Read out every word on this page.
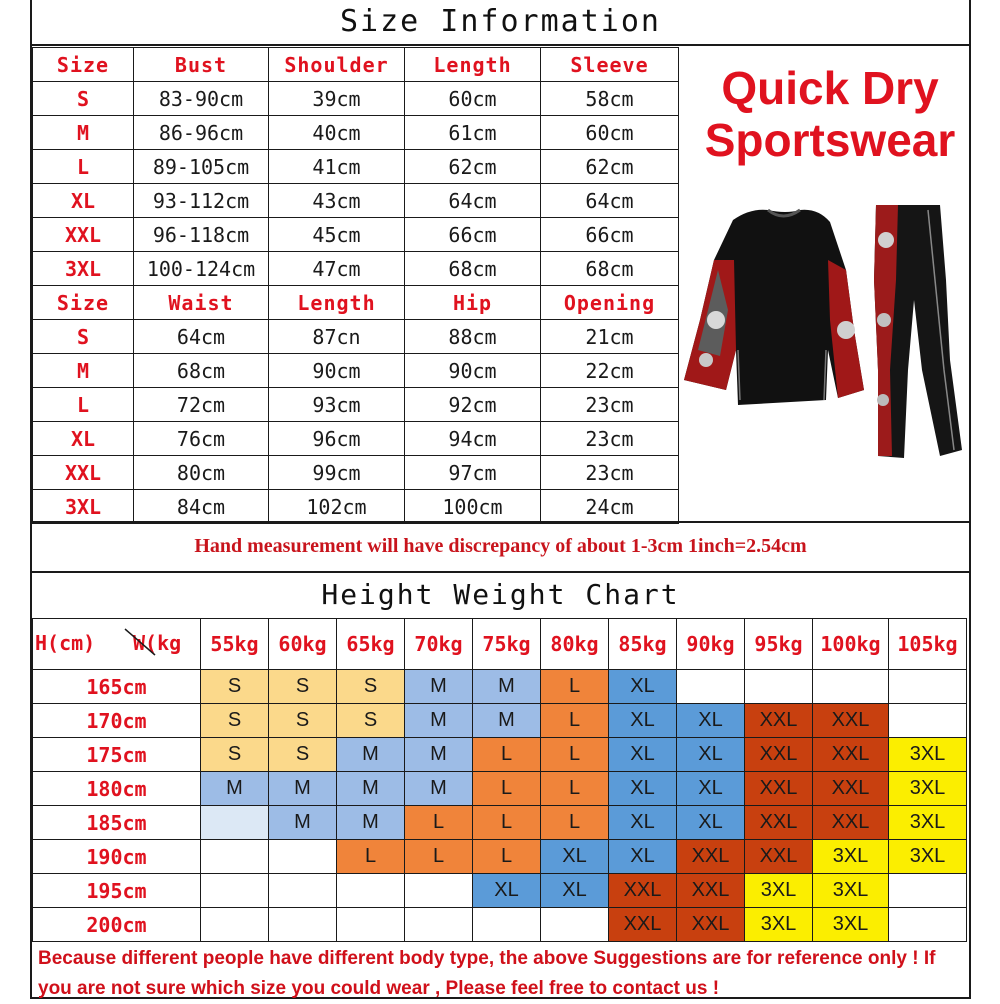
Size Information
Size	Bust	Shoulder	Length	Sleeve
S	83-90cm	39cm	60cm	58cm
M	86-96cm	40cm	61cm	60cm
L	89-105cm	41cm	62cm	62cm
XL	93-112cm	43cm	64cm	64cm
XXL	96-118cm	45cm	66cm	66cm
3XL	100-124cm	47cm	68cm	68cm
Size	Waist	Length	Hip	Opening
S	64cm	87cn	88cm	21cm
M	68cm	90cm	90cm	22cm
L	72cm	93cm	92cm	23cm
XL	76cm	96cm	94cm	23cm
XXL	80cm	99cm	97cm	23cm
3XL	84cm	102cm	100cm	24cm
Quick Dry
Sportswear
Hand measurement will have discrepancy of about 1-3cm 1inch=2.54cm
Height Weight Chart
H(cm) W(kg	55kg	60kg	65kg	70kg	75kg	80kg	85kg	90kg	95kg	100kg	105kg
165cm	S	S	S	M	M	L	XL				
170cm	S	S	S	M	M	L	XL	XL	XXL	XXL	
175cm	S	S	M	M	L	L	XL	XL	XXL	XXL	3XL
180cm	M	M	M	M	L	L	XL	XL	XXL	XXL	3XL
185cm		M	M	L	L	L	XL	XL	XXL	XXL	3XL
190cm			L	L	L	XL	XL	XXL	XXL	3XL	3XL
195cm					XL	XL	XXL	XXL	3XL	3XL	
200cm							XXL	XXL	3XL	3XL	
Because different people have different body type, the above Suggestions are for reference only ! If you are not sure which size you could wear , Please feel free to contact us !
